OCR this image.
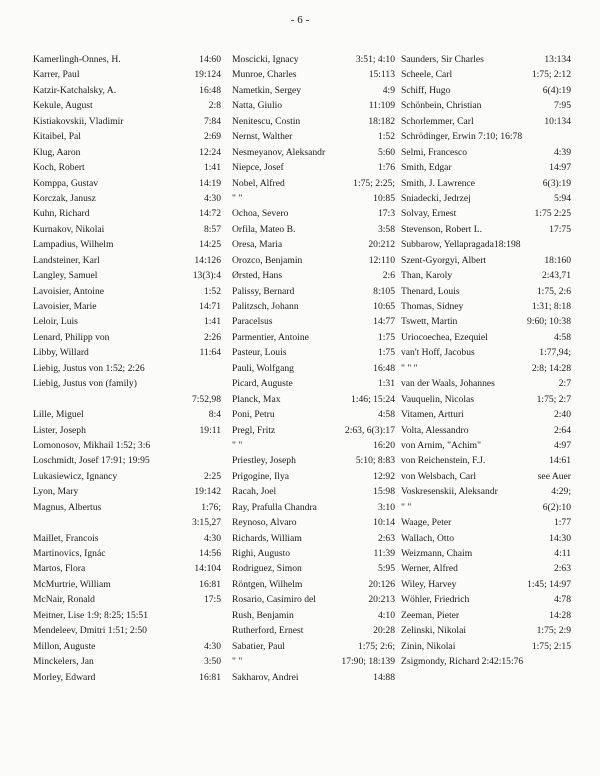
- 6 -
Kamerlingh-Onnes, H.	14:60
Karrer, Paul	19:124
Katzir-Katchalsky, A.	16:48
Kekule, August	2:8
Kistiakovskii, Vladimir	7:84
Kitaibel, Pal	2:69
Klug, Aaron	12:24
Koch, Robert	1:41
Komppa, Gustav	14:19
Korczak, Janusz	4:30
Kuhn, Richard	14:72
Kurnakov, Nikolai	8:57
Lampadius, Wilhelm	14:25
Landsteiner, Karl	14:126
Langley, Samuel	13(3):4
Lavoisier, Antoine	1:52
Lavoisier, Marie	14:71
Leloir, Luis	1:41
Lenard, Philipp von	2:26
Libby, Willard	11:64
Liebig, Justus von 1:52; 2:26
Liebig, Justus von (family)
7:52,98
Lille, Miguel	8:4
Lister, Joseph	19:11
Lomonosov, Mikhail 1:52; 3:6
Loschmidt, Josef 17:91; 19:95
Lukasiewicz, Ignancy	2:25
Lyon, Mary	19:142
Magnus, Albertus	1:76;
3:15,27
Maillet, Francois	4:30
Martinovics, Ignác	14:56
Martos, Flora	14:104
McMurtrie, William	16:81
McNair, Ronald	17:5
Meitner, Lise 1:9; 8:25; 15:51
Mendeleev, Dmitri 1:51; 2:50
Millon, Auguste	4:30
Minckelers, Jan	3:50
Morley, Edward	16:81
Moscicki, Ignacy	3:51; 4:10
Munroe, Charles	15:113
Nametkin, Sergey	4:9
Natta, Giulio	11:109
Nenitescu, Costin	18:182
Nernst, Walther	1:52
Nesmeyanov, Aleksandr	5:60
Niepce, Josef	1:76
Nobel, Alfred	1:75; 2:25;
" "	10:85
Ochoa, Severo	17:3
Orfila, Mateo B.	3:58
Oresa, Maria	20:212
Orozco, Benjamin	12:110
Ørsted, Hans	2:6
Palissy, Bernard	8:105
Palitzsch, Johann	10:65
Paracelsus	14:77
Parmentier, Antoine	1:75
Pasteur, Louis	1:75
Pauli, Wolfgang	16:48
Picard, Auguste	1:31
Planck, Max	1:46; 15:24
Poni, Petru	4:58
Pregl, Fritz	2:63, 6(3):17
" "	16:20
Priestley, Joseph	5:10; 8:83
Prigogine, Ilya	12:92
Racah, Joel	15:98
Ray, Prafulla Chandra	3:10
Reynoso, Alvaro	10:14
Richards, William	2:63
Righi, Augusto	11:39
Rodriguez, Simon	5:95
Röntgen, Wilhelm	20:126
Rosario, Casimiro del	20:213
Rush, Benjamin	4:10
Rutherford, Ernest	20:28
Sabatier, Paul	1:75; 2:6;
" "	17:90; 18:139
Sakharov, Andrei	14:88
Saunders, Sir Charles	13:134
Scheele, Carl	1:75; 2:12
Schiff, Hugo	6(4):19
Schönbein, Christian	7:95
Schorlemmer, Carl	10:134
Schrödinger, Erwin 7:10; 16:78
Selmi, Francesco	4:39
Smith, Edgar	14:97
Smith, J. Lawrence	6(3):19
Sniadecki, Jedrzej	5:94
Solvay, Ernest	1:75 2:25
Stevenson, Robert L.	17:75
Subbarow, Yellapragada18:198
Szent-Gyorgyi, Albert	18:160
Than, Karoly	2:43,71
Thenard, Louis	1:75, 2:6
Thomas, Sidney	1:31; 8:18
Tswett, Martin	9:60; 10:38
Uriocoechea, Ezequiel	4:58
van't Hoff, Jacobus	1:77,94;
" " "	2:8; 14:28
van der Waals, Johannes	2:7
Vauquelin, Nicolas	1:75; 2:7
Vitamen, Artturi	2:40
Volta, Alessandro	2:64
von Arnim, "Achim"	4:97
von Reichenstein, F.J.	14:61
von Welsbach, Carl	see Auer
Voskresenskii, Aleksandr	4:29;
" "	6(2):10
Waage, Peter	1:77
Wallach, Otto	14:30
Weizmann, Chaim	4:11
Werner, Alfred	2:63
Wiley, Harvey	1:45; 14:97
Wöhler, Friedrich	4:78
Zeeman, Pieter	14:28
Zelinski, Nikolai	1:75; 2:9
Zinin, Nikolai	1:75; 2:15
Zsigmondy, Richard 2:42:15:76
